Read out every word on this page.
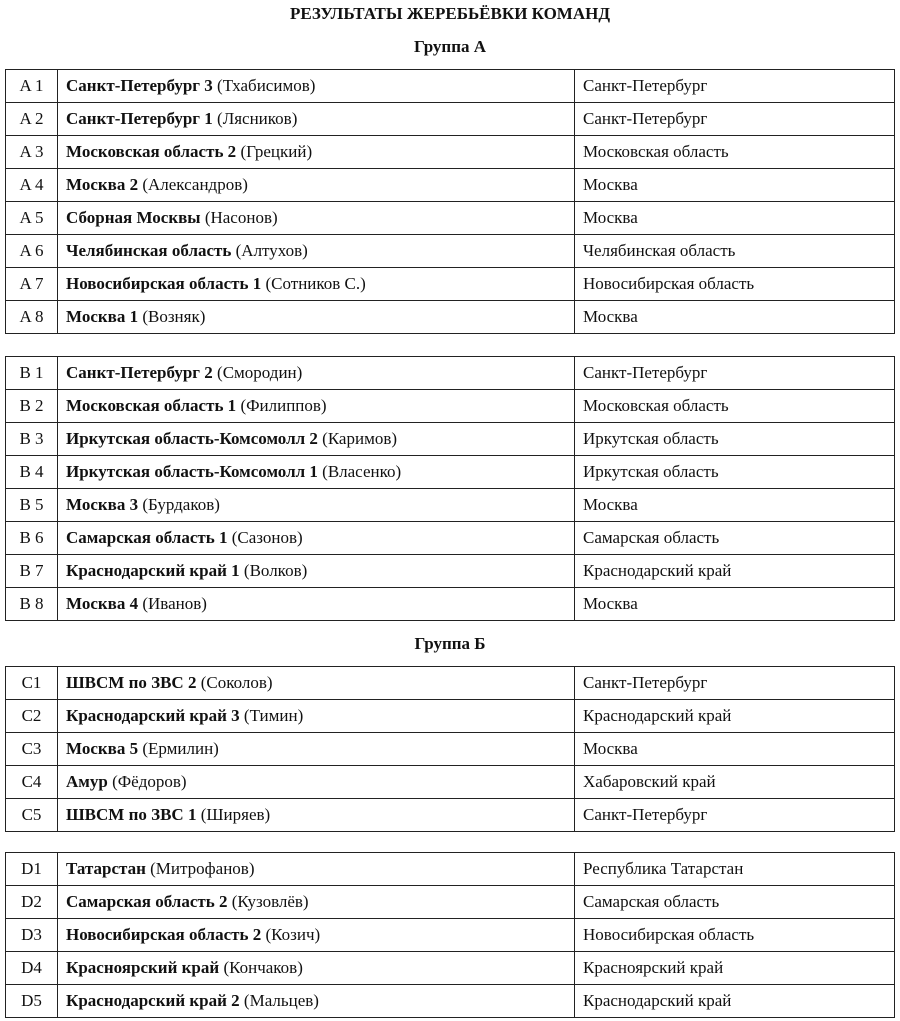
РЕЗУЛЬТАТЫ ЖЕРЕБЬЁВКИ КОМАНД
Группа А
A 1	Санкт-Петербург 3 (Тхабисимов)	Санкт-Петербург
A 2	Санкт-Петербург 1 (Лясников)	Санкт-Петербург
A 3	Московская область 2 (Грецкий)	Московская область
A 4	Москва 2 (Александров)	Москва
A 5	Сборная Москвы (Насонов)	Москва
A 6	Челябинская область (Алтухов)	Челябинская область
A 7	Новосибирская область 1 (Сотников С.)	Новосибирская область
A 8	Москва 1 (Возняк)	Москва
B 1	Санкт-Петербург 2 (Смородин)	Санкт-Петербург
B 2	Московская область 1 (Филиппов)	Московская область
B 3	Иркутская область-Комсомолл 2 (Каримов)	Иркутская область
B 4	Иркутская область-Комсомолл 1 (Власенко)	Иркутская область
B 5	Москва 3 (Бурдаков)	Москва
B 6	Самарская область 1 (Сазонов)	Самарская область
B 7	Краснодарский край 1 (Волков)	Краснодарский край
B 8	Москва 4 (Иванов)	Москва
Группа Б
C1	ШВСМ по ЗВС 2 (Соколов)	Санкт-Петербург
C2	Краснодарский край 3 (Тимин)	Краснодарский край
C3	Москва 5 (Ермилин)	Москва
C4	Амур (Фёдоров)	Хабаровский край
C5	ШВСМ по ЗВС 1 (Ширяев)	Санкт-Петербург
D1	Татарстан (Митрофанов)	Республика Татарстан
D2	Самарская область 2 (Кузовлёв)	Самарская область
D3	Новосибирская область 2 (Козич)	Новосибирская область
D4	Красноярский край (Кончаков)	Красноярский край
D5	Краснодарский край 2 (Мальцев)	Краснодарский край
